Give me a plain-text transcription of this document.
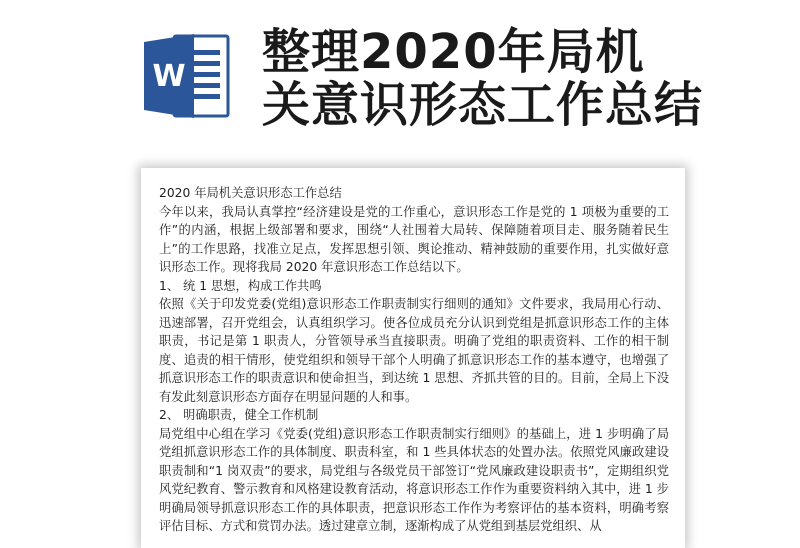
W 整理2020年局机
关意识形态工作总结

2020 年局机关意识形态工作总结

今年以来，我局认真掌控“经济建设是党的工作重心，意识形态工作是党的 1 项极为重要的工作”的内涵，根据上级部署和要求，围绕“人社围着大局转、保障随着项目走、服务随着民生上”的工作思路，找准立足点，发挥思想引领、舆论推动、精神鼓励的重要作用，扎实做好意识形态工作。现将我局 2020 年意识形态工作总结以下。

1、 统 1 思想，构成工作共鸣

依照《关于印发党委(党组)意识形态工作职责制实行细则的通知》文件要求，我局用心行动、迅速部署，召开党组会，认真组织学习。使各位成员充分认识到党组是抓意识形态工作的主体职责，书记是第 1 职责人，分管领导承当直接职责。明确了党组的职责资料、工作的相干制度、追责的相干情形，使党组织和领导干部个人明确了抓意识形态工作的基本遵守，也增强了抓意识形态工作的职责意识和使命担当，到达统 1 思想、齐抓共管的目的。目前，全局上下没有发此刻意识形态方面存在明显问题的人和事。

2、 明确职责，健全工作机制

局党组中心组在学习《党委(党组)意识形态工作职责制实行细则》的基础上，进 1 步明确了局党组抓意识形态工作的具体制度、职责科室，和 1 些具体状态的处置办法。依照党风廉政建设职责制和“1 岗双责”的要求，局党组与各级党员干部签订“党风廉政建设职责书”，定期组织党风党纪教育、警示教育和风格建设教育活动，将意识形态工作作为重要资料纳入其中，进 1 步明确局领导抓意识形态工作的具体职责，把意识形态工作作为考察评估的基本资料，明确考察评估目标、方式和赏罚办法。透过建章立制，逐渐构成了从党组到基层党组织、从
